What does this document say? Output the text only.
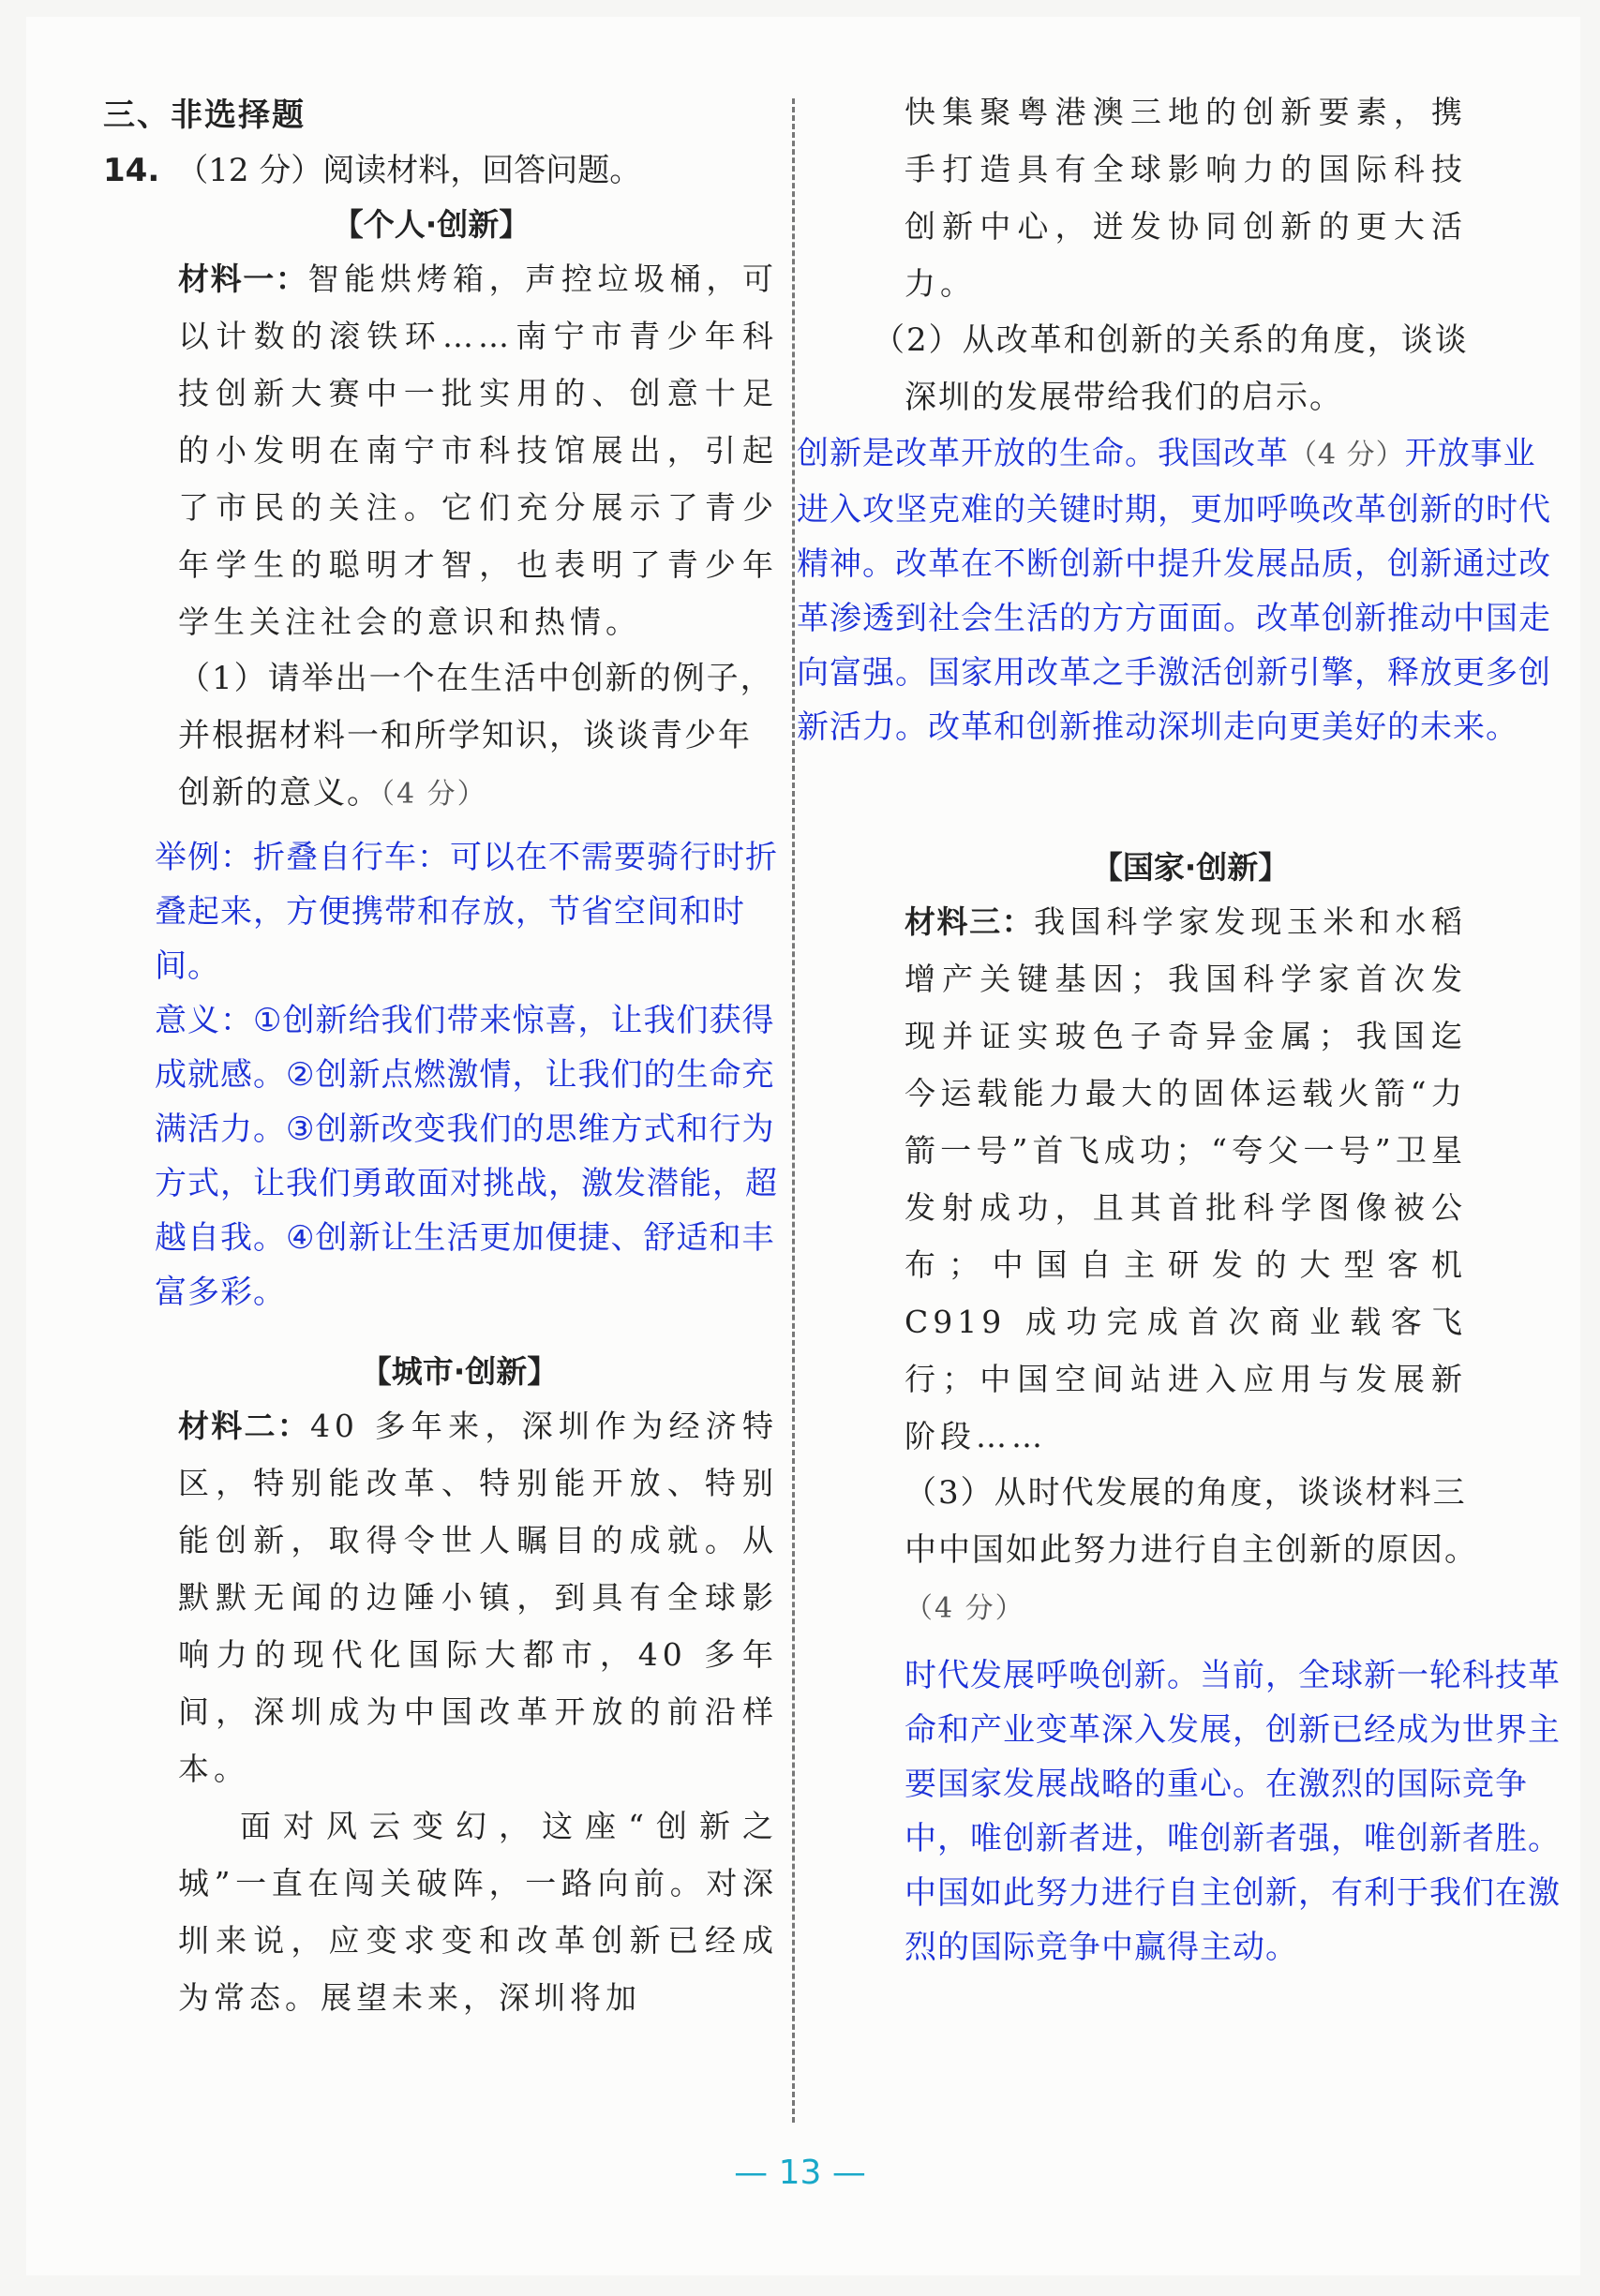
三、非选择题
14. （12 分）阅读材料，回答问题。
【个人·创新】
材料一：智能烘烤箱，声控垃圾桶，可以计数的滚铁环……南宁市青少年科技创新大赛中一批实用的、创意十足的小发明在南宁市科技馆展出，引起了市民的关注。它们充分展示了青少年学生的聪明才智，也表明了青少年学生关注社会的意识和热情。
（1）请举出一个在生活中创新的例子，并根据材料一和所学知识，谈谈青少年创新的意义。（4 分）
举例：折叠自行车：可以在不需要骑行时折叠起来，方便携带和存放，节省空间和时间。
意义：①创新给我们带来惊喜，让我们获得成就感。②创新点燃激情，让我们的生命充满活力。③创新改变我们的思维方式和行为方式，让我们勇敢面对挑战，激发潜能，超越自我。④创新让生活更加便捷、舒适和丰富多彩。
【城市·创新】
材料二：40 多年来，深圳作为经济特区，特别能改革、特别能开放、特别能创新，取得令世人瞩目的成就。从默默无闻的边陲小镇，到具有全球影响力的现代化国际大都市，40 多年间，深圳成为中国改革开放的前沿样本。
面对风云变幻，这座“创新之城”一直在闯关破阵，一路向前。对深圳来说，应变求变和改革创新已经成为常态。展望未来，深圳将加
快集聚粤港澳三地的创新要素，携手打造具有全球影响力的国际科技创新中心，迸发协同创新的更大活力。
（2）从改革和创新的关系的角度，谈谈深圳的发展带给我们的启示。
创新是改革开放的生命。我国改革（4 分）开放事业进入攻坚克难的关键时期，更加呼唤改革创新的时代精神。改革在不断创新中提升发展品质，创新通过改革渗透到社会生活的方方面面。改革创新推动中国走向富强。国家用改革之手激活创新引擎，释放更多创新活力。改革和创新推动深圳走向更美好的未来。
【国家·创新】
材料三：我国科学家发现玉米和水稻增产关键基因；我国科学家首次发现并证实玻色子奇异金属；我国迄今运载能力最大的固体运载火箭“力箭一号”首飞成功；“夸父一号”卫星发射成功，且其首批科学图像被公布；中国自主研发的大型客机C919 成功完成首次商业载客飞行；中国空间站进入应用与发展新阶段……
（3）从时代发展的角度，谈谈材料三中中国如此努力进行自主创新的原因。（4 分）
时代发展呼唤创新。当前，全球新一轮科技革命和产业变革深入发展，创新已经成为世界主要国家发展战略的重心。在激烈的国际竞争中，唯创新者进，唯创新者强，唯创新者胜。中国如此努力进行自主创新，有利于我们在激烈的国际竞争中赢得主动。
— 13 —
